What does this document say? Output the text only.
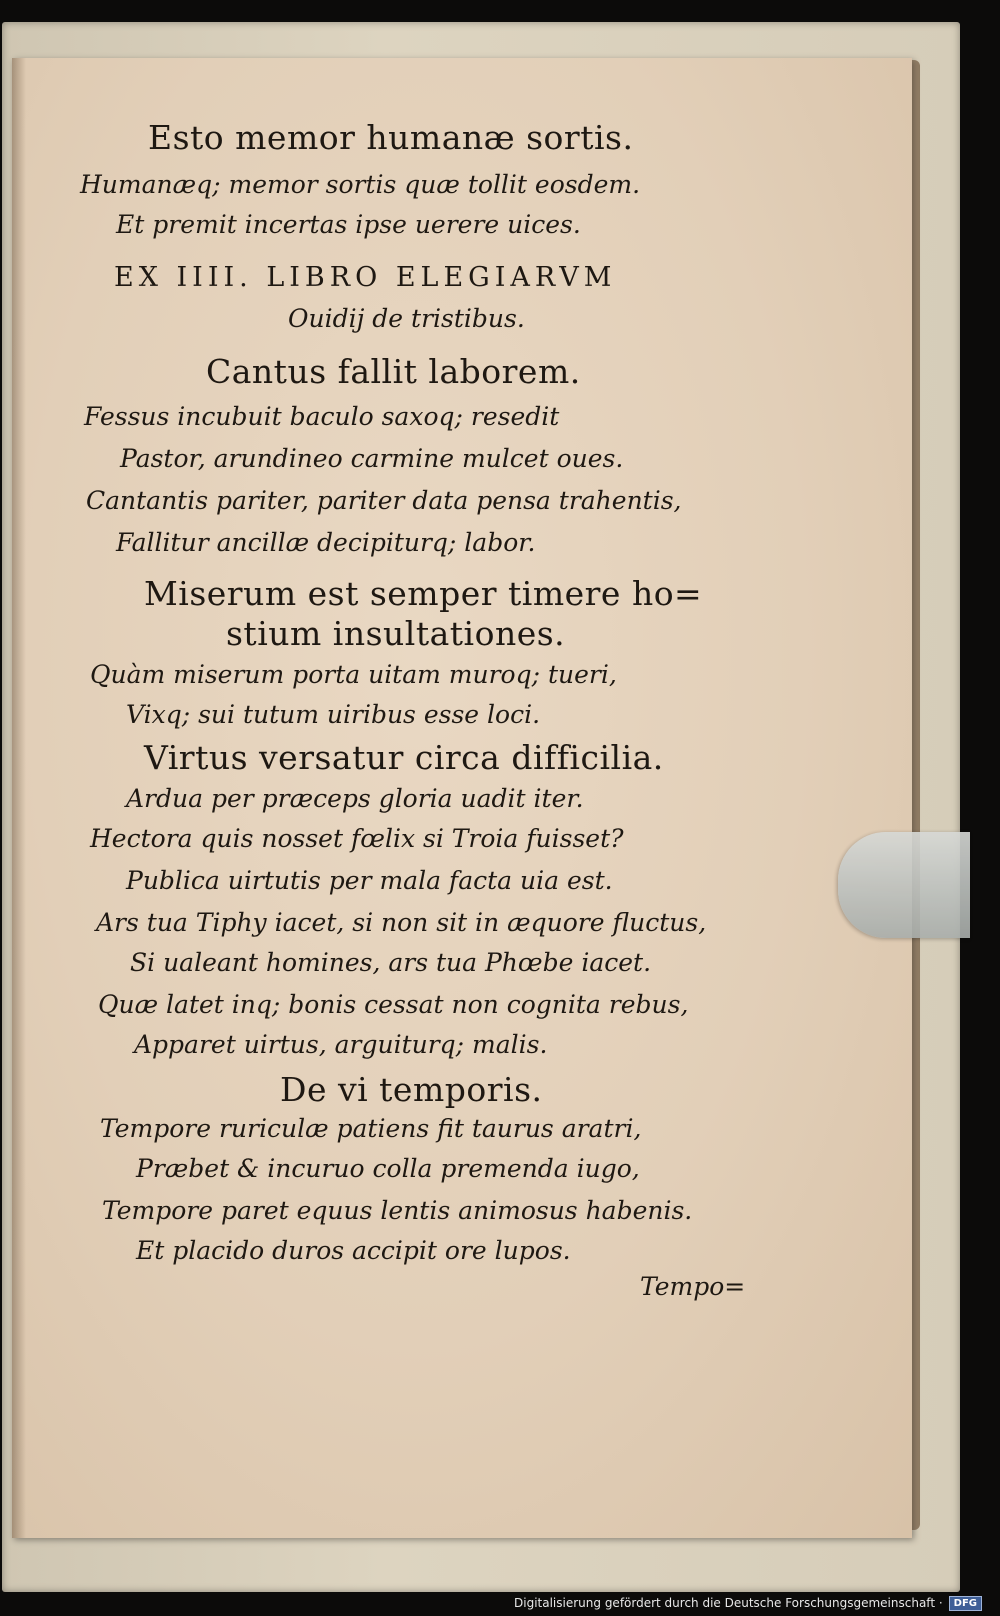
Esto memor humanæ sortis.
Humanæq; memor sortis quæ tollit eosdem.
Et premit incertas ipse uerere uices.
EX IIII. LIBRO ELEGIARVM
Ouidij de tristibus.
Cantus fallit laborem.
Fessus incubuit baculo saxoq; resedit
Pastor, arundineo carmine mulcet oues.
Cantantis pariter, pariter data pensa trahentis,
Fallitur ancillæ decipiturq; labor.
Miserum est semper timere ho=
stium insultationes.
Quàm miserum porta uitam muroq; tueri,
Vixq; sui tutum uiribus esse loci.
Virtus versatur circa difficilia.
Ardua per præceps gloria uadit iter.
Hectora quis nosset fœlix si Troia fuisset?
Publica uirtutis per mala facta uia est.
Ars tua Tiphy iacet, si non sit in æquore fluctus,
Si ualeant homines, ars tua Phœbe iacet.
Quæ latet inq; bonis cessat non cognita rebus,
Apparet uirtus, arguiturq; malis.
De vi temporis.
Tempore ruriculæ patiens fit taurus aratri,
Præbet & incuruo colla premenda iugo,
Tempore paret equus lentis animosus habenis.
Et placido duros accipit ore lupos.
Tempo=
Digitalisierung gefördert durch die Deutsche Forschungsgemeinschaft ·	DFG
